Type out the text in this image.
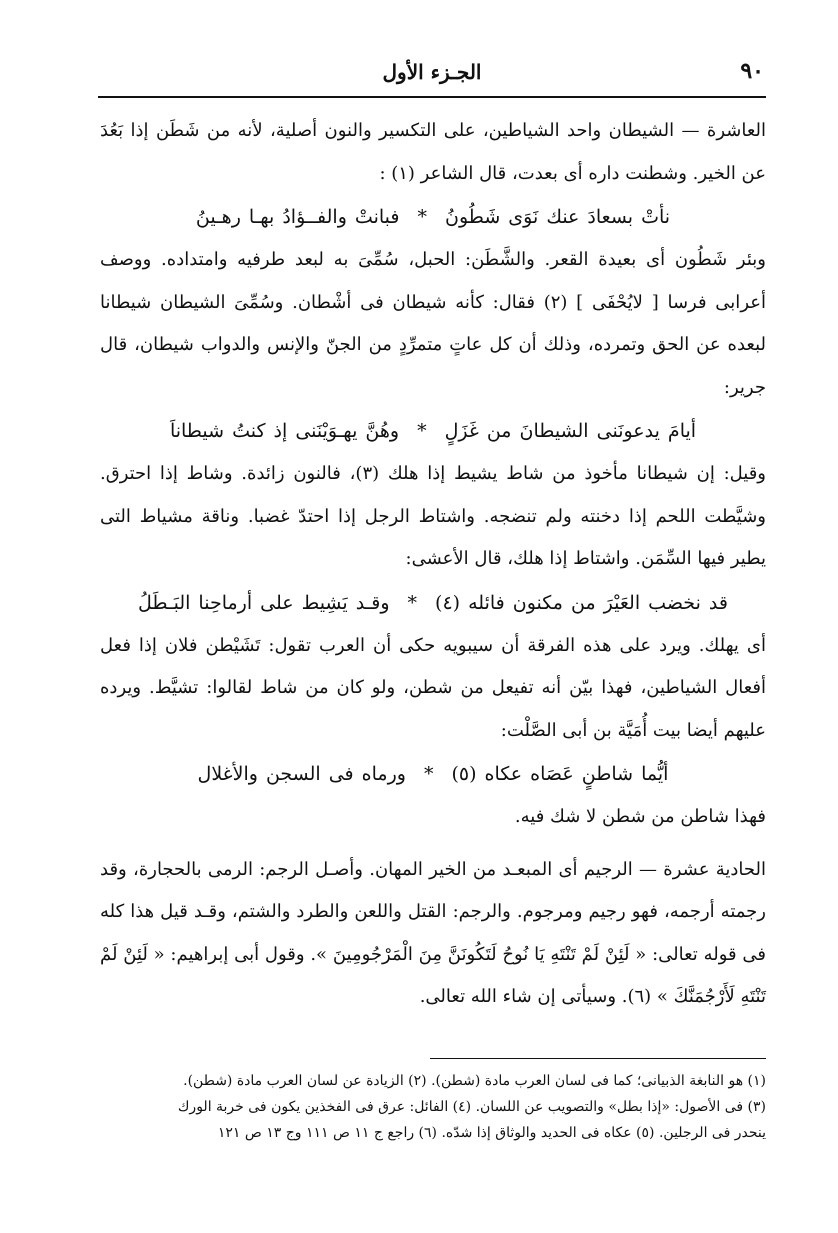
٩٠
الجـزء الأول

العاشرة — الشيطان واحد الشياطين، على التكسير والنون أصلية، لأنه من شَطَن إذا بَعُدَ عن الخير. وشطنت داره أى بعدت، قال الشاعر (١) :

نأتْ بسعادَ عنك نَوَى شَطُونُ*فبانتْ والفــؤادُ بهـا رهـينُ

وبئر شَطُون أى بعيدة القعر. والشَّطَن: الحبل، سُمِّىَ به لبعد طرفيه وامتداده. ووصف أعرابى فرسا [ لايُحْفَى ] (٢) فقال: كأنه شيطان فى أشْطان. وسُمِّىَ الشيطان شيطانا لبعده عن الحق وتمرده، وذلك أن كل عاتٍ متمرِّدٍ من الجنّ والإنس والدواب شيطان، قال جرير:

أيامَ يدعونَنى الشيطانَ من غَزَلٍ*وهُنَّ يهـوَيْنَنى إذ كنتُ شيطاناَ

وقيل: إن شيطانا مأخوذ من شاط يشيط إذا هلك (٣)، فالنون زائدة. وشاط إذا احترق. وشيَّطت اللحم إذا دخنته ولم تنضجه. واشتاط الرجل إذا احتدّ غضبا. وناقة مشياط التى يطير فيها السِّمَن. واشتاط إذا هلك، قال الأعشى:

قد نخضب العَيْرَ من مكنون فائله (٤)*وقـد يَشِيط على أرماحِنا البَـطَلُ

أى يهلك. ويرد على هذه الفرقة أن سيبويه حكى أن العرب تقول: تَشَيْطن فلان إذا فعل أفعال الشياطين، فهذا بيّن أنه تفيعل من شطن، ولو كان من شاط لقالوا: تشيَّط. ويرده عليهم أيضا بيت أُمَيَّة بن أبى الصَّلْت:

أيُّما شاطنٍ عَصَاه عكاه (٥)*ورماه فى السجن والأغلال

فهذا شاطن من شطن لا شك فيه.

الحادية عشرة — الرجيم أى المبعـد من الخير المهان. وأصـل الرجم: الرمى بالحجارة، وقد رجمته أرجمه، فهو رجيم ومرجوم. والرجم: القتل واللعن والطرد والشتم، وقـد قيل هذا كله فى قوله تعالى: « لَئِنْ لَمْ تَنْتَهِ يَا نُوحُ لَتَكُونَنَّ مِنَ الْمَرْجُومِينَ ». وقول أبى إبراهيم: « لَئِنْ لَمْ تَنْتَهِ لَأَرْجُمَنَّكَ » (٦). وسيأتى إن شاء الله تعالى.

(١) هو النابغة الذبيانى؛ كما فى لسان العرب مادة (شطن). (٢) الزيادة عن لسان العرب مادة (شطن).

(٣) فى الأصول: «إذا بطل» والتصويب عن اللسان. (٤) الفائل: عرق فى الفخذين يكون فى خربة الورك

ينحدر فى الرجلين. (٥) عكاه فى الحديد والوثاق إذا شدّه. (٦) راجع ج ١١ ص ١١١ وج ١٣ ص ١٢١
